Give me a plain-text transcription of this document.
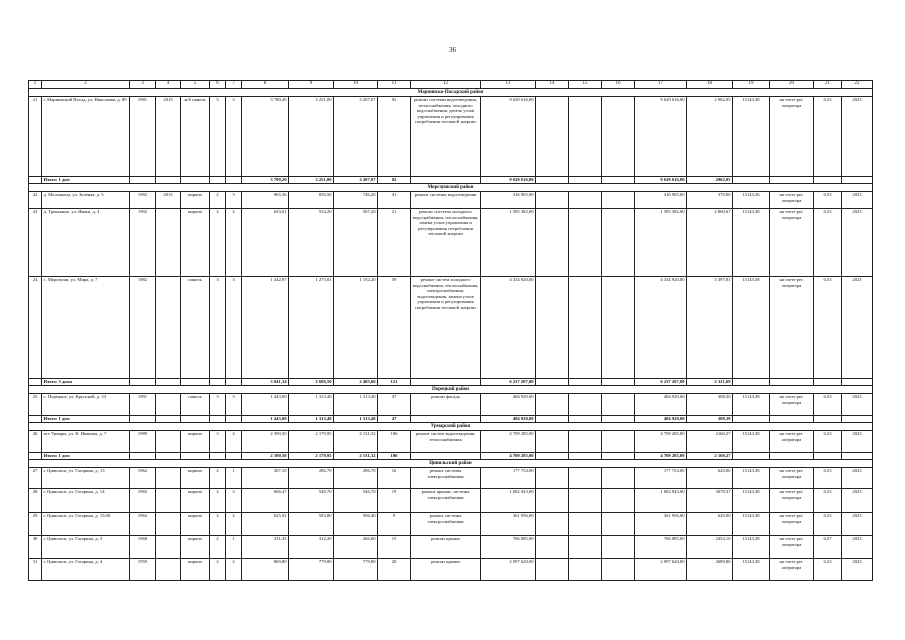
36
1	2	3	4	5	6	7	8	9	10	11	12	13	14	15	16	17	18	19	20	21	22
Мариинско-Посадский район																					
21	г. Мариинский Посад, ул. Николаева, д. 89	1981	2015	ж/б панель	5	3	3 780,20	3 251,00	3 207,07	92	ремонт системы водоотведения, теплоснабжения, холодного водоснабжения, дизель узлов управления и регулирования потребления тепловой энергии	9 629 616,00				9 629 616,00	2 962,05	15143,38	на счете рег. оператора	6,53	2023
	Итого: 1 дом						3 780,20	3 251,00	3 207,07	92		9 629 616,00				9 629 616,00	2962,05				
Моргаушский район																					
22	д. Москакасы, ул. Зеленая, д. 5	1982	2013	кирпич	2	3	965,36	856,50	746,20	41	ремонт системы водоотведения	316 905,00				316 905,00	370,00	15143,36	на счете рег. оператора	6,53	2023
23	д. Тренькино, ул. Иваки, д. 4	1992		кирпич	2	2	633,01	554,20	507,20	21	ремонт системы холодного водоснабжения, теплоснабжения, замена узлов управления и регулирования потребления тепловой энергии	1 585 382,00				1 585 382,00	2 860,67	15143,38	на счете рег. оператора	6,53	2023
24	с. Моргауши, ул. Мира, д. 7	1982		панель	3	3	1 442,97	1 275,81	1 152,20	59	ремонт систем холодного водоснабжения, теплоснабжения, электроснабжения, водоотведения, замена узлов управления и регулирования потребления тепловой энергии	4 334 920,00				4 334 920,00	3 397,81	15143,38	на счете рег. оператора	6,53	2023
	Итого: 3 дома						3 041,34	2 686,50	2 405,60	121		6 237 207,00				6 237 207,00	2 321,69				
Порецкий район																					
25	с. Порецкое, ул. Крупской, д. 33	1991		панель	3	3	1 443,00	1 313,40	1 313,40	47	ремонт фасада	404 920,00				404 920,00	308,30	15143,38	на счете рег. оператора	6,53	2023
	Итого: 1 дом						1 443,00	1 313,40	1 313,40	47		404 920,00				404 920,00	308,30				
Урмарский район																					
26	пгт Урмары, ул. К. Иванова, д. 7	1989		кирпич	3	4	2 390,50	2 179,95	2 131,32	106	ремонт систем водоотведения, теплоснабжения	4 709 285,00				4 709 285,00	2160,27	15143,38	на счете рег. оператора	6,53	2023
	Итого: 1 дом						2 390,50	2 179,95	2 131,32	106		4 709 285,00				4 709 285,00	2 160,27				
Цивильский район																					
27	г. Цивильск, ул. Гагарина, д. 13	1962		кирпич	2	1	307,10	286,70	286,70	16	ремонт системы электроснабжения	177 754,00				177 754,00	620,00	15143,38	на счете рег. оператора	6,53	2023
28	г. Цивильск, ул. Гагарина, д. 14	1965		кирпич	2	3	606,47	546,70	546,70	19	ремонт крыши, системы электроснабжения	1 682 943,00				1 682 943,00	3078,37	15143,38	на счете рег. оператора	6,53	2023
29	г. Цивильск, ул. Гагарина, д. 15/20	1962		кирпич	2	2	625,92	583,80	506,40	9	ремонт системы электроснабжения	361 956,00				361 956,00	620,00	15143,38	на счете рег. оператора	6,53	2023
30	г. Цивильск, ул. Гагарина, д. 3	1968		кирпич	2	1	331,43	312,20	266,60	15	ремонт крыши	766 085,00				766 085,00	2454,16	15143,38	на счете рег. оператора	6,57	2023
31	г. Цивильск, ул. Гагарина, д. 4	1959		кирпич	2	2	869,80	779,80	779,80	20	ремонт крыши	2 097 620,00				2 097 620,00	2689,86	15143,38	на счете рег. оператора	6,53	2023
